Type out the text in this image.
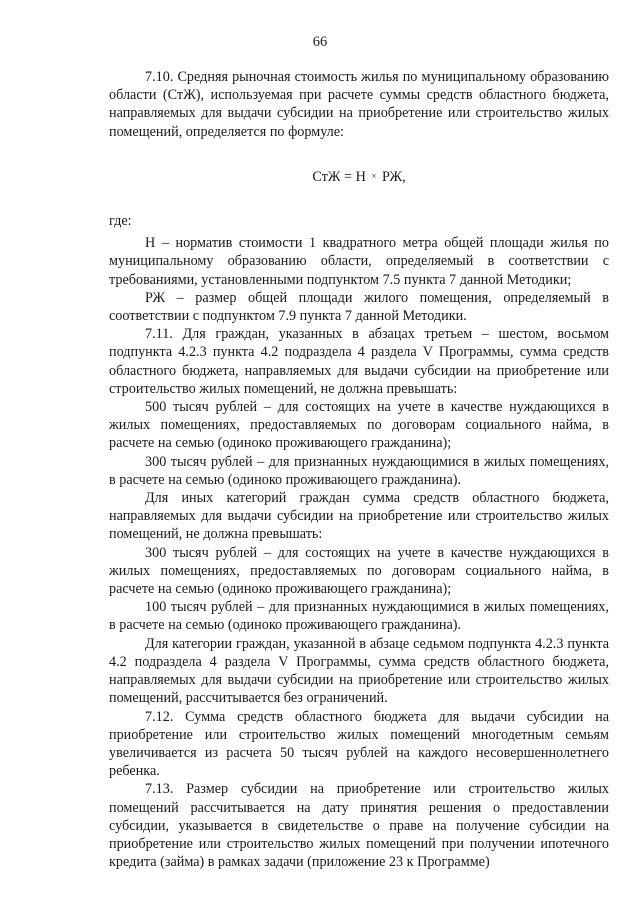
66

7.10. Средняя рыночная стоимость жилья по муниципальному образованию области (СтЖ), используемая при расчете суммы средств областного бюджета, направляемых для выдачи субсидии на приобретение или строительство жилых помещений, определяется по формуле:

СтЖ = Н × РЖ,

где:

Н – норматив стоимости 1 квадратного метра общей площади жилья по муниципальному образованию области, определяемый в соответствии с требованиями, установленными подпунктом 7.5 пункта 7 данной Методики;

РЖ – размер общей площади жилого помещения, определяемый в соответствии с подпунктом 7.9 пункта 7 данной Методики.

7.11. Для граждан, указанных в абзацах третьем – шестом, восьмом подпункта 4.2.3 пункта 4.2 подраздела 4 раздела V Программы, сумма средств областного бюджета, направляемых для выдачи субсидии на приобретение или строительство жилых помещений, не должна превышать:

500 тысяч рублей – для состоящих на учете в качестве нуждающихся в жилых помещениях, предоставляемых по договорам социального найма, в расчете на семью (одиноко проживающего гражданина);

300 тысяч рублей – для признанных нуждающимися в жилых помещениях, в расчете на семью (одиноко проживающего гражданина).

Для иных категорий граждан сумма средств областного бюджета, направляемых для выдачи субсидии на приобретение или строительство жилых помещений, не должна превышать:

300 тысяч рублей – для состоящих на учете в качестве нуждающихся в жилых помещениях, предоставляемых по договорам социального найма, в расчете на семью (одиноко проживающего гражданина);

100 тысяч рублей – для признанных нуждающимися в жилых помещениях, в расчете на семью (одиноко проживающего гражданина).

Для категории граждан, указанной в абзаце седьмом подпункта 4.2.3 пункта 4.2 подраздела 4 раздела V Программы, сумма средств областного бюджета, направляемых для выдачи субсидии на приобретение или строительство жилых помещений, рассчитывается без ограничений.

7.12. Сумма средств областного бюджета для выдачи субсидии на приобретение или строительство жилых помещений многодетным семьям увеличивается из расчета 50 тысяч рублей на каждого несовершеннолетнего ребенка.

7.13. Размер субсидии на приобретение или строительство жилых помещений рассчитывается на дату принятия решения о предоставлении субсидии, указывается в свидетельстве о праве на получение субсидии на приобретение или строительство жилых помещений при получении ипотечного кредита (займа) в рамках задачи (приложение 23 к Программе)
